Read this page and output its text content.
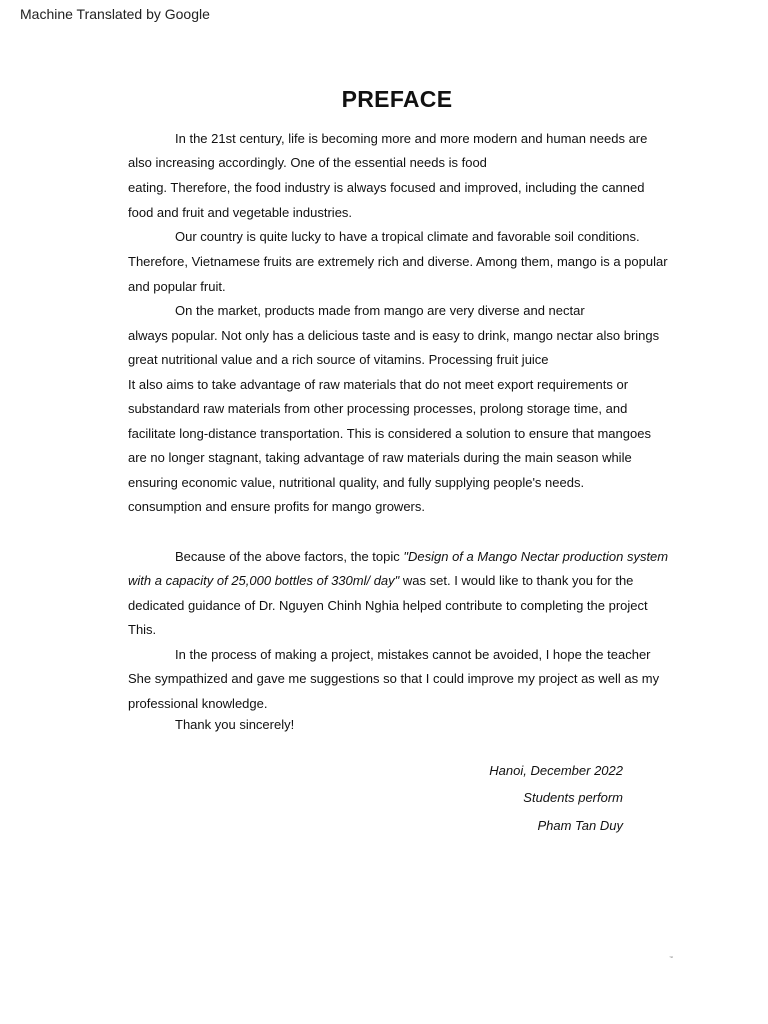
Machine Translated by Google
PREFACE
In the 21st century, life is becoming more and more modern and human needs are
also increasing accordingly. One of the essential needs is food
eating. Therefore, the food industry is always focused and improved, including the canned
food and fruit and vegetable industries.
Our country is quite lucky to have a tropical climate and favorable soil conditions.
Therefore, Vietnamese fruits are extremely rich and diverse. Among them, mango is a popular
and popular fruit.
On the market, products made from mango are very diverse and nectar
always popular. Not only has a delicious taste and is easy to drink, mango nectar also brings
great nutritional value and a rich source of vitamins. Processing fruit juice
It also aims to take advantage of raw materials that do not meet export requirements or
substandard raw materials from other processing processes, prolong storage time, and
facilitate long-distance transportation. This is considered a solution to ensure that mangoes
are no longer stagnant, taking advantage of raw materials during the main season while
ensuring economic value, nutritional quality, and fully supplying people's needs.
consumption and ensure profits for mango growers.
Because of the above factors, the topic "Design of a Mango Nectar production system
with a capacity of 25,000 bottles of 330ml/ day" was set. I would like to thank you for the
dedicated guidance of Dr. Nguyen Chinh Nghia helped contribute to completing the project
This.
In the process of making a project, mistakes cannot be avoided, I hope the teacher
She sympathized and gave me suggestions so that I could improve my project as well as my
professional knowledge.
Thank you sincerely!
Hanoi, December 2022
Students perform
Pham Tan Duy
™
